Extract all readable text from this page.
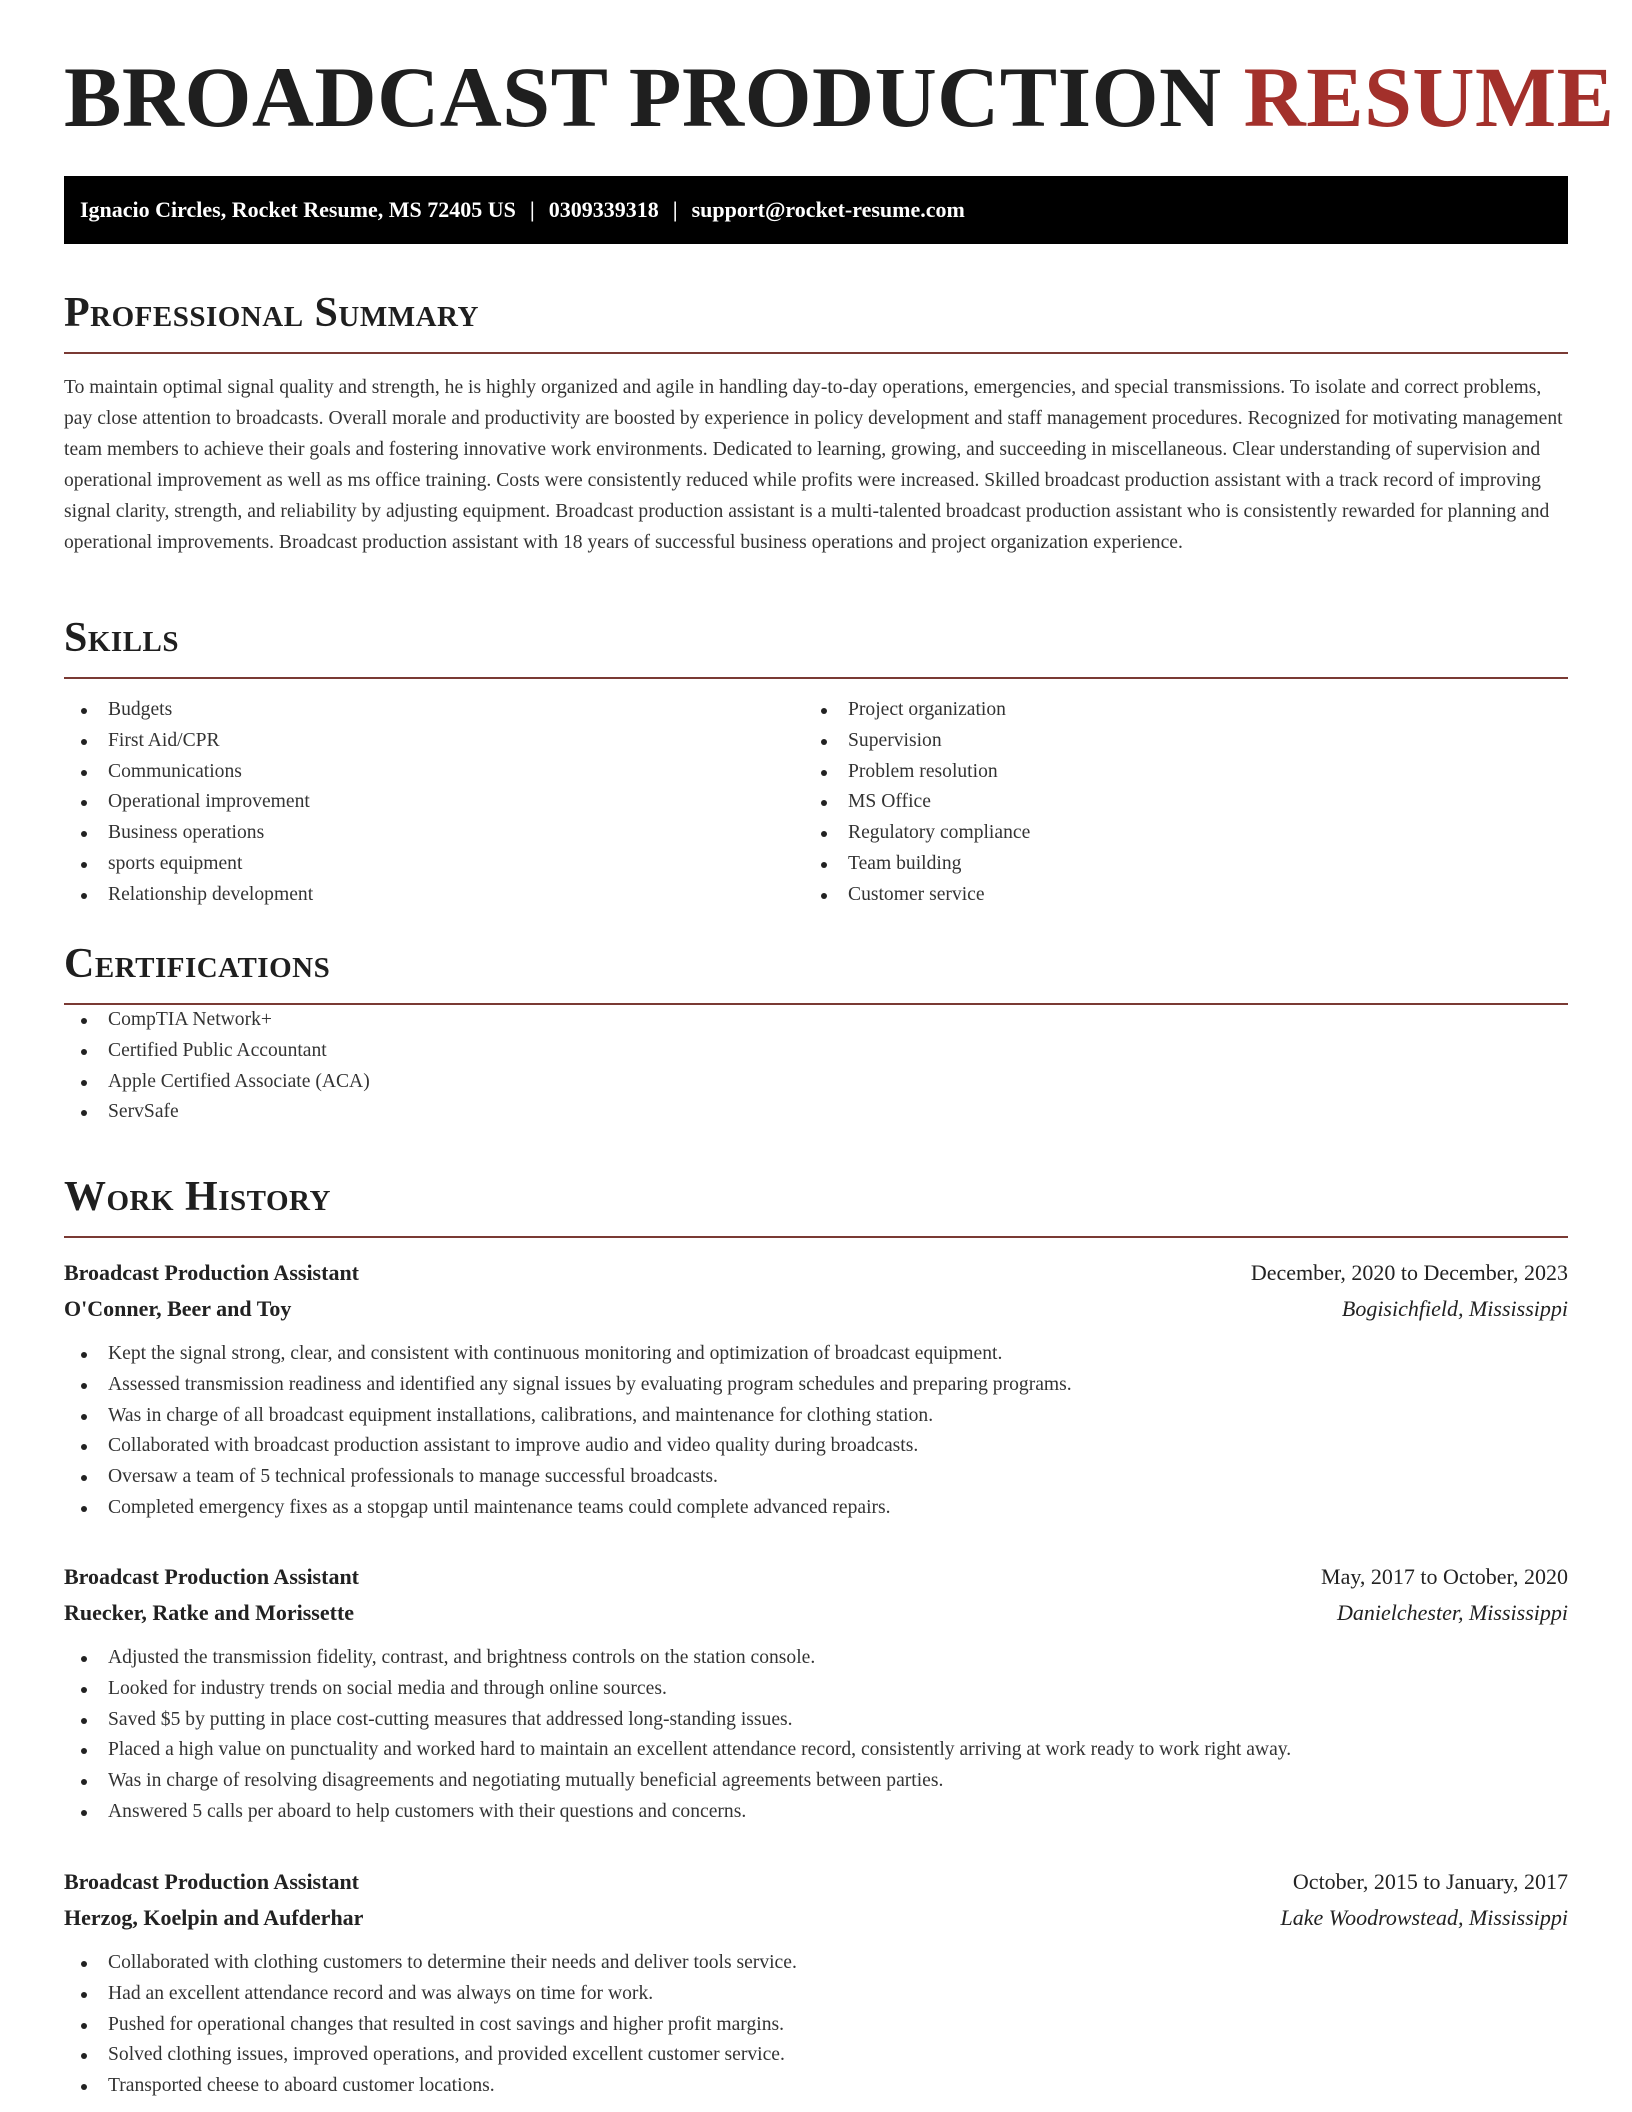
BROADCAST PRODUCTION RESUME
Ignacio Circles, Rocket Resume, MS 72405 US | 0309339318 | support@rocket-resume.com
Professional Summary

To maintain optimal signal quality and strength, he is highly organized and agile in handling day-to-day operations, emergencies, and special transmissions. To isolate and correct problems, pay close attention to broadcasts. Overall morale and productivity are boosted by experience in policy development and staff management procedures. Recognized for motivating management team members to achieve their goals and fostering innovative work environments. Dedicated to learning, growing, and succeeding in miscellaneous. Clear understanding of supervision and operational improvement as well as ms office training. Costs were consistently reduced while profits were increased. Skilled broadcast production assistant with a track record of improving signal clarity, strength, and reliability by adjusting equipment. Broadcast production assistant is a multi-talented broadcast production assistant who is consistently rewarded for planning and operational improvements. Broadcast production assistant with 18 years of successful business operations and project organization experience.

Skills
Budgets
First Aid/CPR
Communications
Operational improvement
Business operations
sports equipment
Relationship development
Project organization
Supervision
Problem resolution
MS Office
Regulatory compliance
Team building
Customer service
Certifications
CompTIA Network+
Certified Public Accountant
Apple Certified Associate (ACA)
ServSafe
Work History
Broadcast Production Assistant	December, 2020 to December, 2023
O'Conner, Beer and Toy	Bogisichfield, Mississippi
Kept the signal strong, clear, and consistent with continuous monitoring and optimization of broadcast equipment.
Assessed transmission readiness and identified any signal issues by evaluating program schedules and preparing programs.
Was in charge of all broadcast equipment installations, calibrations, and maintenance for clothing station.
Collaborated with broadcast production assistant to improve audio and video quality during broadcasts.
Oversaw a team of 5 technical professionals to manage successful broadcasts.
Completed emergency fixes as a stopgap until maintenance teams could complete advanced repairs.
Broadcast Production Assistant	May, 2017 to October, 2020
Ruecker, Ratke and Morissette	Danielchester, Mississippi
Adjusted the transmission fidelity, contrast, and brightness controls on the station console.
Looked for industry trends on social media and through online sources.
Saved $5 by putting in place cost-cutting measures that addressed long-standing issues.
Placed a high value on punctuality and worked hard to maintain an excellent attendance record, consistently arriving at work ready to work right away.
Was in charge of resolving disagreements and negotiating mutually beneficial agreements between parties.
Answered 5 calls per aboard to help customers with their questions and concerns.
Broadcast Production Assistant	October, 2015 to January, 2017
Herzog, Koelpin and Aufderhar	Lake Woodrowstead, Mississippi
Collaborated with clothing customers to determine their needs and deliver tools service.
Had an excellent attendance record and was always on time for work.
Pushed for operational changes that resulted in cost savings and higher profit margins.
Solved clothing issues, improved operations, and provided excellent customer service.
Transported cheese to aboard customer locations.
